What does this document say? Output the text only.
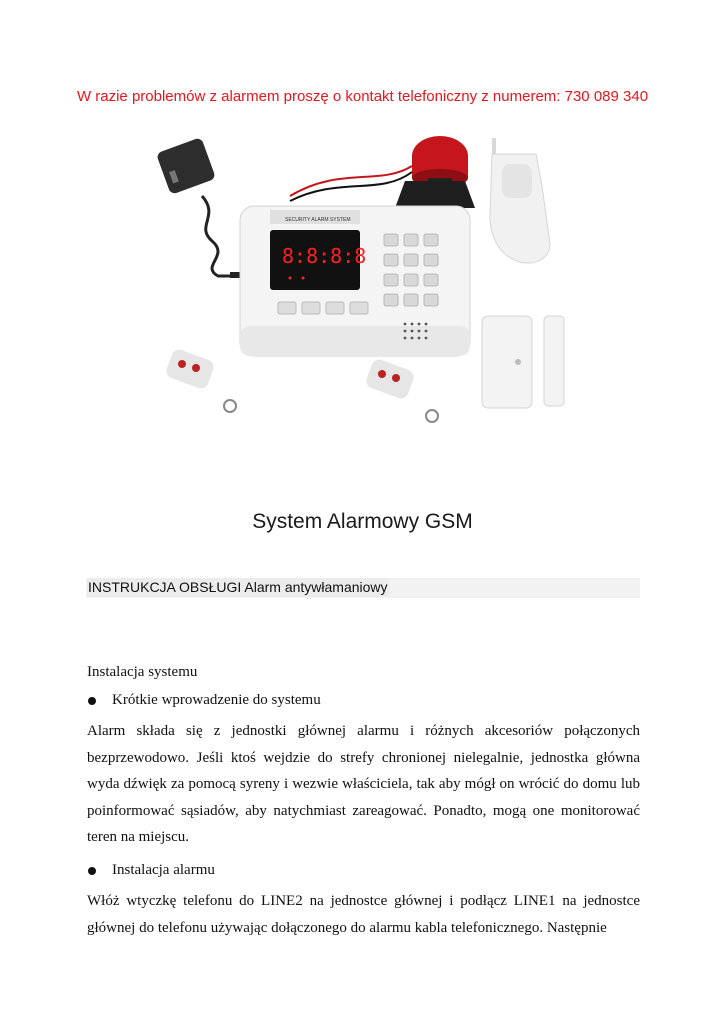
W razie problemów z alarmem proszę o kontakt telefoniczny z numerem: 730 089 340
SECURITY ALARM SYSTEM
8:8:8:8
System Alarmowy GSM
INSTRUKCJA OBSŁUGI Alarm antywłamaniowy
Instalacja systemu
Krótkie wprowadzenie do systemu

Alarm składa się z jednostki głównej alarmu i różnych akcesoriów połączonych bezprzewodowo. Jeśli ktoś wejdzie do strefy chronionej nielegalnie, jednostka główna wyda dźwięk za pomocą syreny i wezwie właściciela, tak aby mógł on wrócić do domu lub poinformować sąsiadów, aby natychmiast zareagować. Ponadto, mogą one monitorować teren na miejscu.

Instalacja alarmu

Włóż wtyczkę telefonu do LINE2 na jednostce głównej i podłącz LINE1 na jednostce głównej do telefonu używając dołączonego do alarmu kabla telefonicznego. Następnie
